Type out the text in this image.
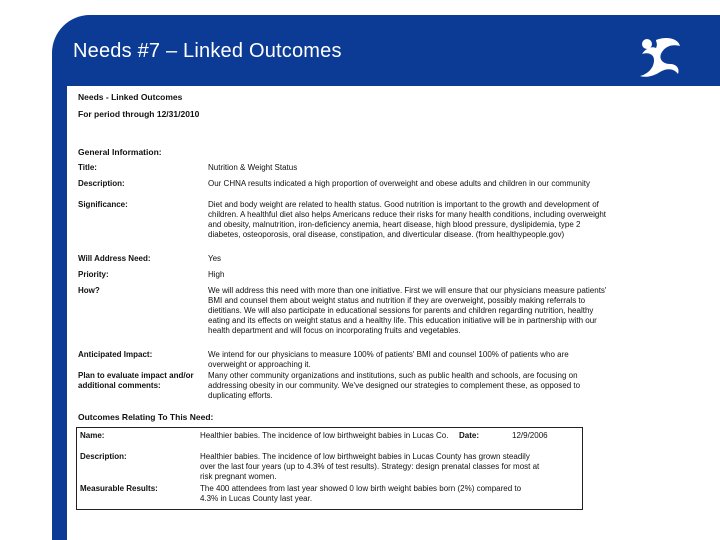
Needs #7 – Linked Outcomes
Needs - Linked Outcomes
For period through 12/31/2010
General Information:
Title:	Nutrition & Weight Status
Description:	Our CHNA results indicated a high proportion of overweight and obese adults and children in our community
Significance:	Diet and body weight are related to health status. Good nutrition is important to the growth and development of children. A healthful diet also helps Americans reduce their risks for many health conditions, including overweight and obesity, malnutrition, iron-deficiency anemia, heart disease, high blood pressure, dyslipidemia, type 2 diabetes, osteoporosis, oral disease, constipation, and diverticular disease. (from healthypeople.gov)
Will Address Need:	Yes
Priority:	High
How?	We will address this need with more than one initiative. First we will ensure that our physicians measure patients' BMI and counsel them about weight status and nutrition if they are overweight, possibly making referrals to dietitians. We will also participate in educational sessions for parents and children regarding nutrition, healthy eating and its effects on weight status and a healthy life. This education initiative will be in partnership with our health department and will focus on incorporating fruits and vegetables.
Anticipated Impact:	We intend for our physicians to measure 100% of patients' BMI and counsel 100% of patients who are overweight or approaching it.
Plan to evaluate impact and/or additional comments:
Many other community organizations and institutions, such as public health and schools, are focusing on addressing obesity in our community. We've designed our strategies to complement these, as opposed to duplicating efforts.
Outcomes Relating To This Need:
Name:	Healthier babies. The incidence of low birthweight babies in Lucas Co. Date:	12/9/2006
Description:	Healthier babies. The incidence of low birthweight babies in Lucas County has grown steadily over the last four years (up to 4.3% of test results). Strategy: design prenatal classes for most at risk pregnant women.
Measurable Results:	The 400 attendees from last year showed 0 low birth weight babies born (2%) compared to 4.3% in Lucas County last year.
